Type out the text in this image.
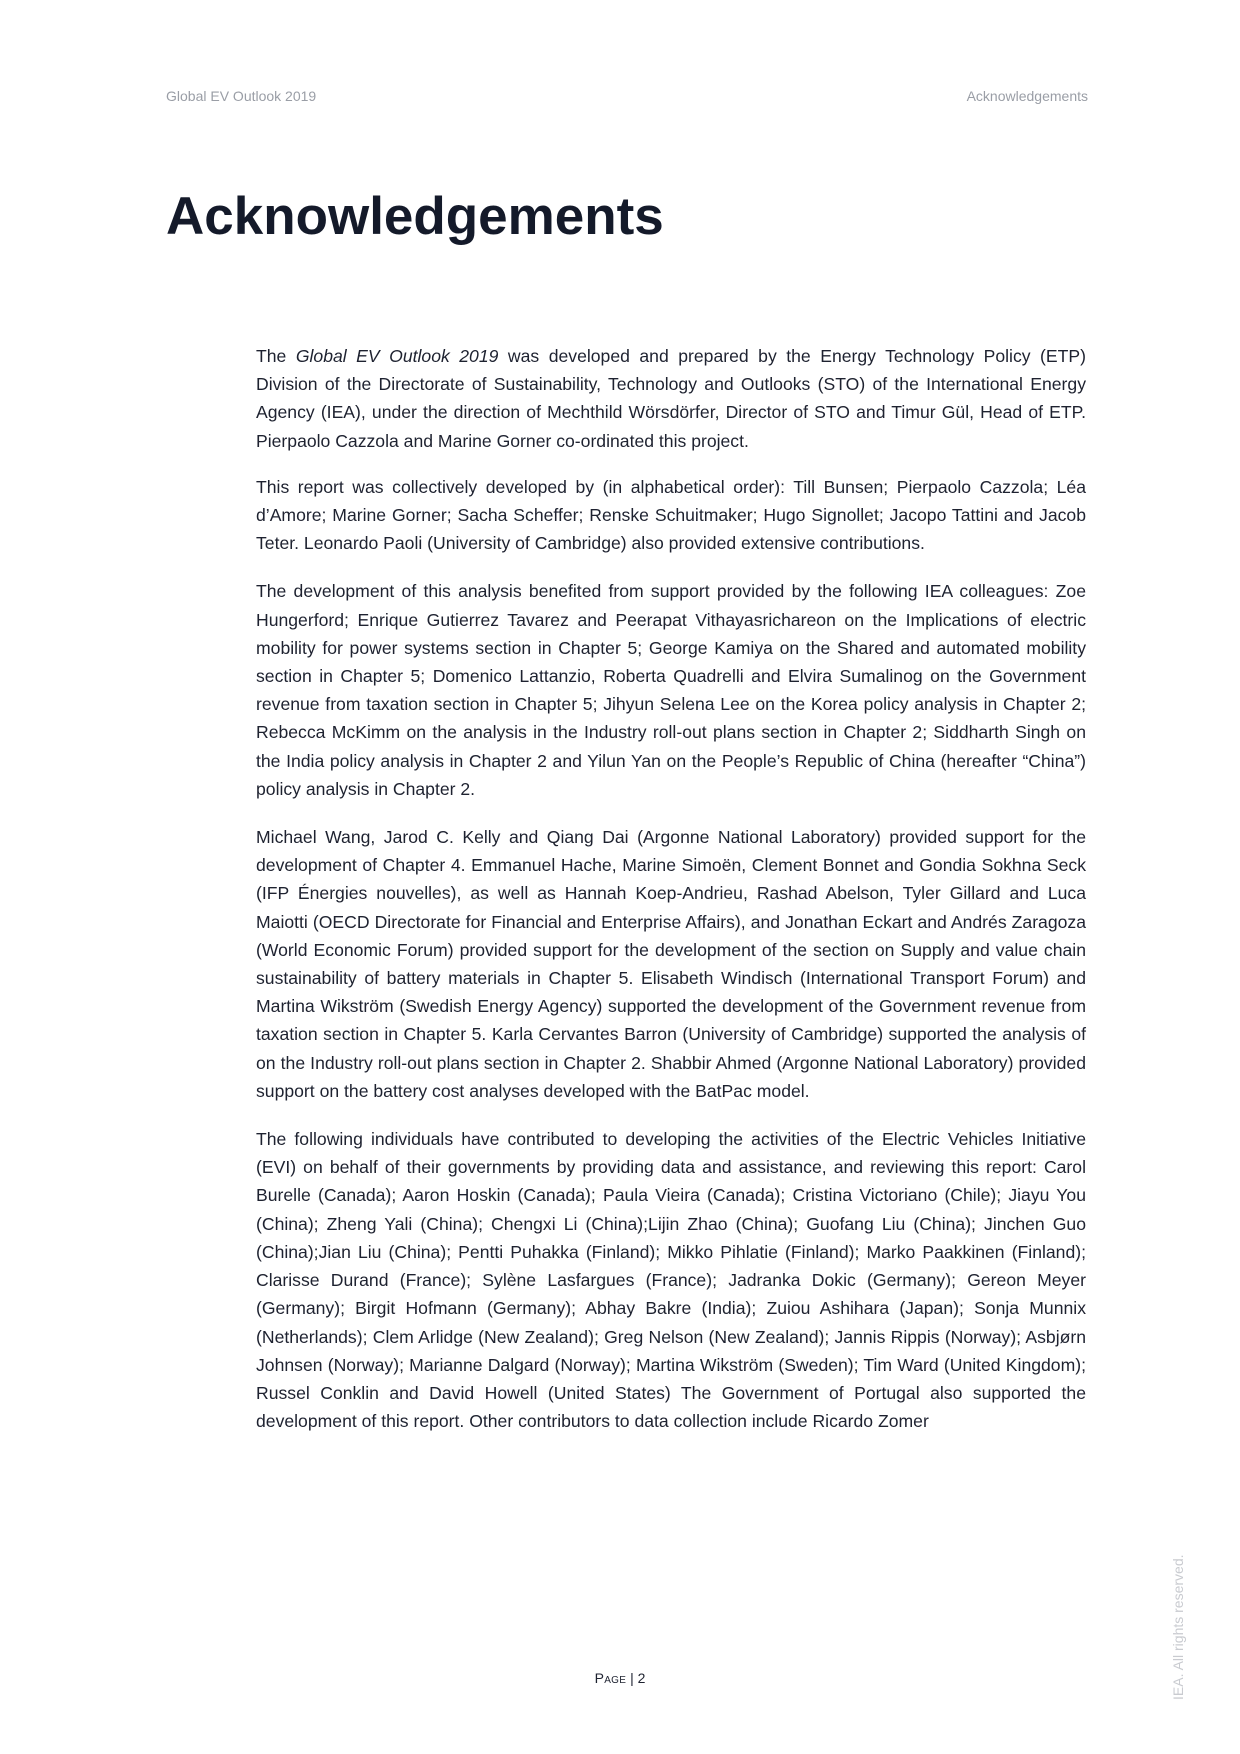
Global EV Outlook 2019	Acknowledgements
Acknowledgements

The Global EV Outlook 2019 was developed and prepared by the Energy Technology Policy (ETP) Division of the Directorate of Sustainability, Technology and Outlooks (STO) of the International Energy Agency (IEA), under the direction of Mechthild Wörsdörfer, Director of STO and Timur Gül, Head of ETP. Pierpaolo Cazzola and Marine Gorner co-ordinated this project.

This report was collectively developed by (in alphabetical order): Till Bunsen; Pierpaolo Cazzola; Léa d’Amore; Marine Gorner; Sacha Scheffer; Renske Schuitmaker; Hugo Signollet; Jacopo Tattini and Jacob Teter. Leonardo Paoli (University of Cambridge) also provided extensive contributions.

The development of this analysis benefited from support provided by the following IEA colleagues: Zoe Hungerford; Enrique Gutierrez Tavarez and Peerapat Vithayasrichareon on the Implications of electric mobility for power systems section in Chapter 5; George Kamiya on the Shared and automated mobility section in Chapter 5; Domenico Lattanzio, Roberta Quadrelli and Elvira Sumalinog on the Government revenue from taxation section in Chapter 5; Jihyun Selena Lee on the Korea policy analysis in Chapter 2; Rebecca McKimm on the analysis in the Industry roll-out plans section in Chapter 2; Siddharth Singh on the India policy analysis in Chapter 2 and Yilun Yan on the People’s Republic of China (hereafter “China”) policy analysis in Chapter 2.

Michael Wang, Jarod C. Kelly and Qiang Dai (Argonne National Laboratory) provided support for the development of Chapter 4. Emmanuel Hache, Marine Simoën, Clement Bonnet and Gondia Sokhna Seck (IFP Énergies nouvelles), as well as Hannah Koep-Andrieu, Rashad Abelson, Tyler Gillard and Luca Maiotti (OECD Directorate for Financial and Enterprise Affairs), and Jonathan Eckart and Andrés Zaragoza (World Economic Forum) provided support for the development of the section on Supply and value chain sustainability of battery materials in Chapter 5. Elisabeth Windisch (International Transport Forum) and Martina Wikström (Swedish Energy Agency) supported the development of the Government revenue from taxation section in Chapter 5. Karla Cervantes Barron (University of Cambridge) supported the analysis of on the Industry roll-out plans section in Chapter 2. Shabbir Ahmed (Argonne National Laboratory) provided support on the battery cost analyses developed with the BatPac model.

The following individuals have contributed to developing the activities of the Electric Vehicles Initiative (EVI) on behalf of their governments by providing data and assistance, and reviewing this report: Carol Burelle (Canada); Aaron Hoskin (Canada); Paula Vieira (Canada); Cristina Victoriano (Chile); Jiayu You (China); Zheng Yali (China); Chengxi Li (China);Lijin Zhao (China); Guofang Liu (China); Jinchen Guo (China);Jian Liu (China); Pentti Puhakka (Finland); Mikko Pihlatie (Finland); Marko Paakkinen (Finland); Clarisse Durand (France); Sylène Lasfargues (France); Jadranka Dokic (Germany); Gereon Meyer (Germany); Birgit Hofmann (Germany); Abhay Bakre (India); Zuiou Ashihara (Japan); Sonja Munnix (Netherlands); Clem Arlidge (New Zealand); Greg Nelson (New Zealand); Jannis Rippis (Norway); Asbjørn Johnsen (Norway); Marianne Dalgard (Norway); Martina Wikström (Sweden); Tim Ward (United Kingdom); Russel Conklin and David Howell (United States) The Government of Portugal also supported the development of this report. Other contributors to data collection include Ricardo Zomer

Page | 2	IEA. All rights reserved.
